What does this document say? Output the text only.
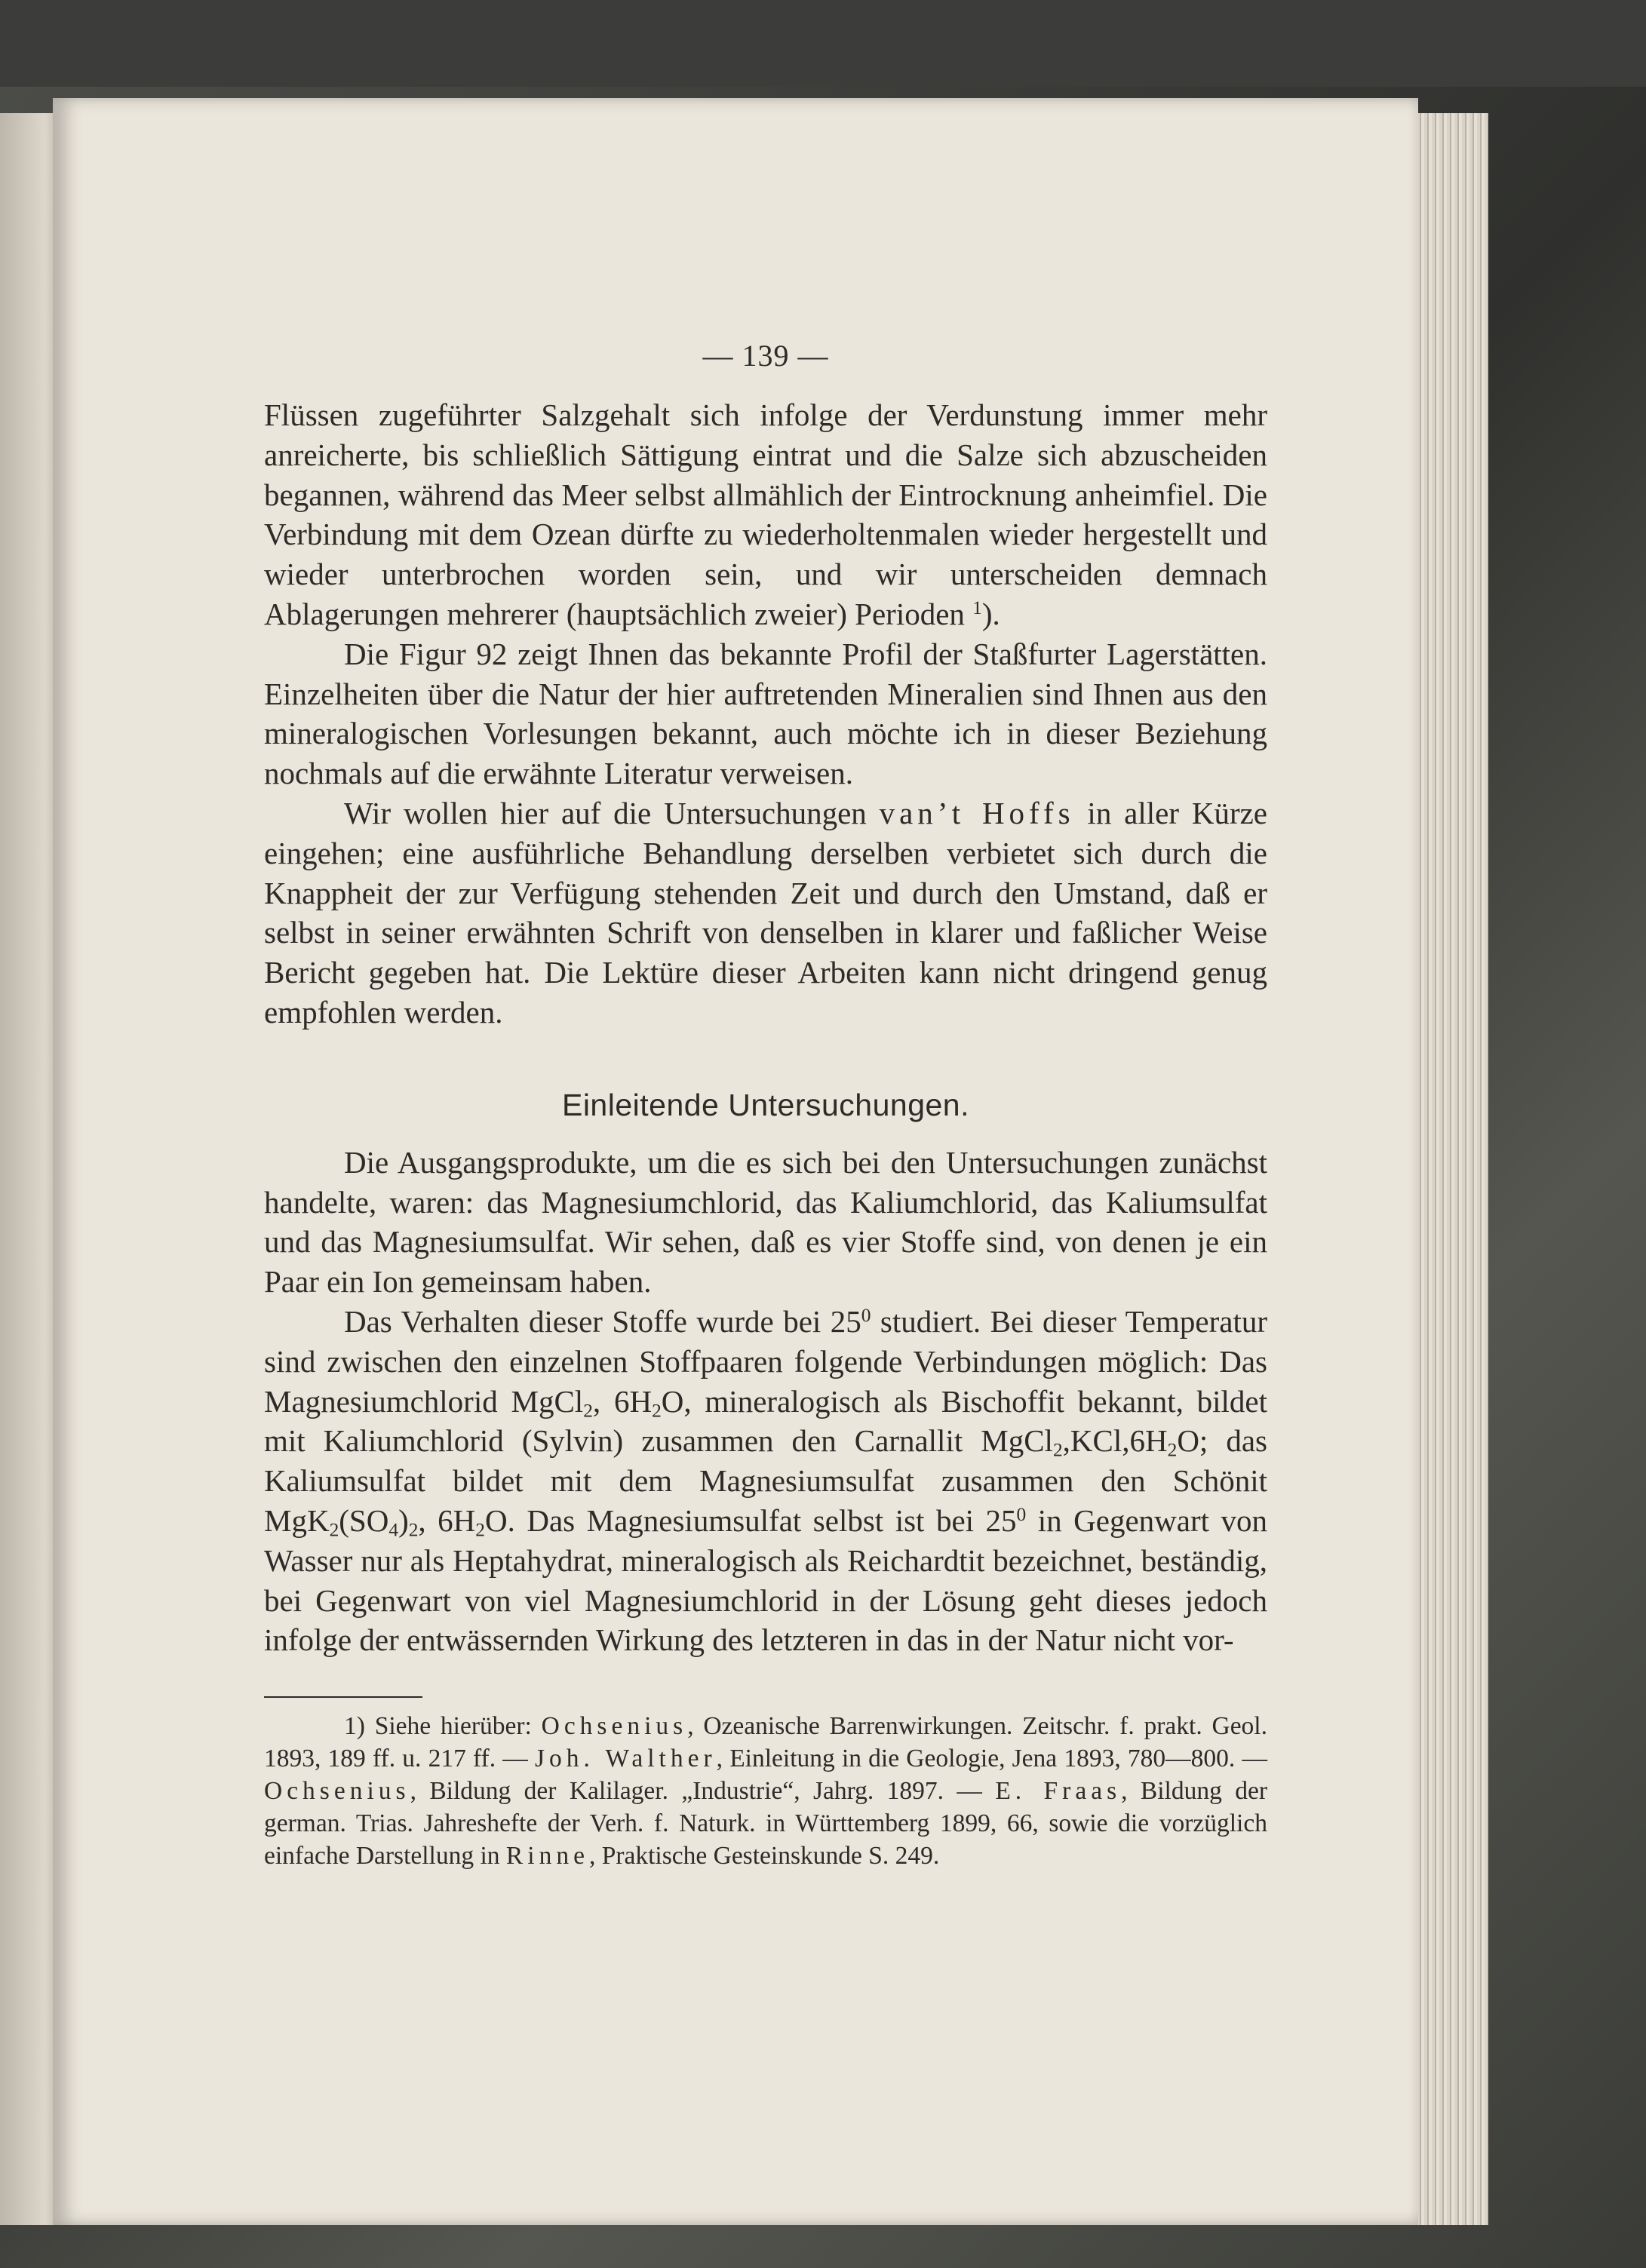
— 139 —

Flüssen zugeführter Salzgehalt sich infolge der Verdunstung immer mehr anreicherte, bis schließlich Sättigung eintrat und die Salze sich abzuscheiden begannen, während das Meer selbst allmählich der Eintrocknung anheimfiel. Die Verbindung mit dem Ozean dürfte zu wiederholtenmalen wieder hergestellt und wieder unterbrochen worden sein, und wir unterscheiden demnach Ablagerungen mehrerer (hauptsächlich zweier) Perioden $^1$).

Die Figur 92 zeigt Ihnen das bekannte Profil der Staßfurter Lagerstätten. Einzelheiten über die Natur der hier auftretenden Mineralien sind Ihnen aus den mineralogischen Vorlesungen bekannt, auch möchte ich in dieser Beziehung nochmals auf die erwähnte Literatur verweisen.

Wir wollen hier auf die Untersuchungen van’t Hoffs in aller Kürze eingehen; eine ausführliche Behandlung derselben verbietet sich durch die Knappheit der zur Verfügung stehenden Zeit und durch den Umstand, daß er selbst in seiner erwähnten Schrift von denselben in klarer und faßlicher Weise Bericht gegeben hat. Die Lektüre dieser Arbeiten kann nicht dringend genug empfohlen werden.

Einleitende Untersuchungen.

Die Ausgangsprodukte, um die es sich bei den Untersuchungen zunächst handelte, waren: das Magnesiumchlorid, das Kaliumchlorid, das Kaliumsulfat und das Magnesiumsulfat. Wir sehen, daß es vier Stoffe sind, von denen je ein Paar ein Ion gemeinsam haben.

Das Verhalten dieser Stoffe wurde bei $25^0$ studiert. Bei dieser Temperatur sind zwischen den einzelnen Stoffpaaren folgende Verbindungen möglich: Das Magnesiumchlorid MgCl$_2$, $6H_2O$, mineralogisch als Bischoffit bekannt, bildet mit Kaliumchlorid (Sylvin) zusammen den Carnallit $MgCl_2,KCl,6H_2O$; das Kaliumsulfat bildet mit dem Magnesiumsulfat zusammen den Schönit $MgK_2(SO_4)_2$, $6H_2O$. Das Magnesiumsulfat selbst ist bei $25^0$ in Gegenwart von Wasser nur als Heptahydrat, mineralogisch als Reichardtit bezeichnet, beständig, bei Gegenwart von viel Magnesiumchlorid in der Lösung geht dieses jedoch infolge der entwässernden Wirkung des letzteren in das in der Natur nicht vor-

1) Siehe hierüber: Ochsenius, Ozeanische Barrenwirkungen. Zeitschr. f. prakt. Geol. 1893, 189 ff. u. 217 ff. — Joh. Walther, Einleitung in die Geologie, Jena 1893, 780—800. — Ochsenius, Bildung der Kalilager. „Industrie“, Jahrg. 1897. — E. Fraas, Bildung der german. Trias. Jahreshefte der Verh. f. Naturk. in Württemberg 1899, 66, sowie die vorzüglich einfache Darstellung in Rinne, Praktische Gesteinskunde S. 249.
